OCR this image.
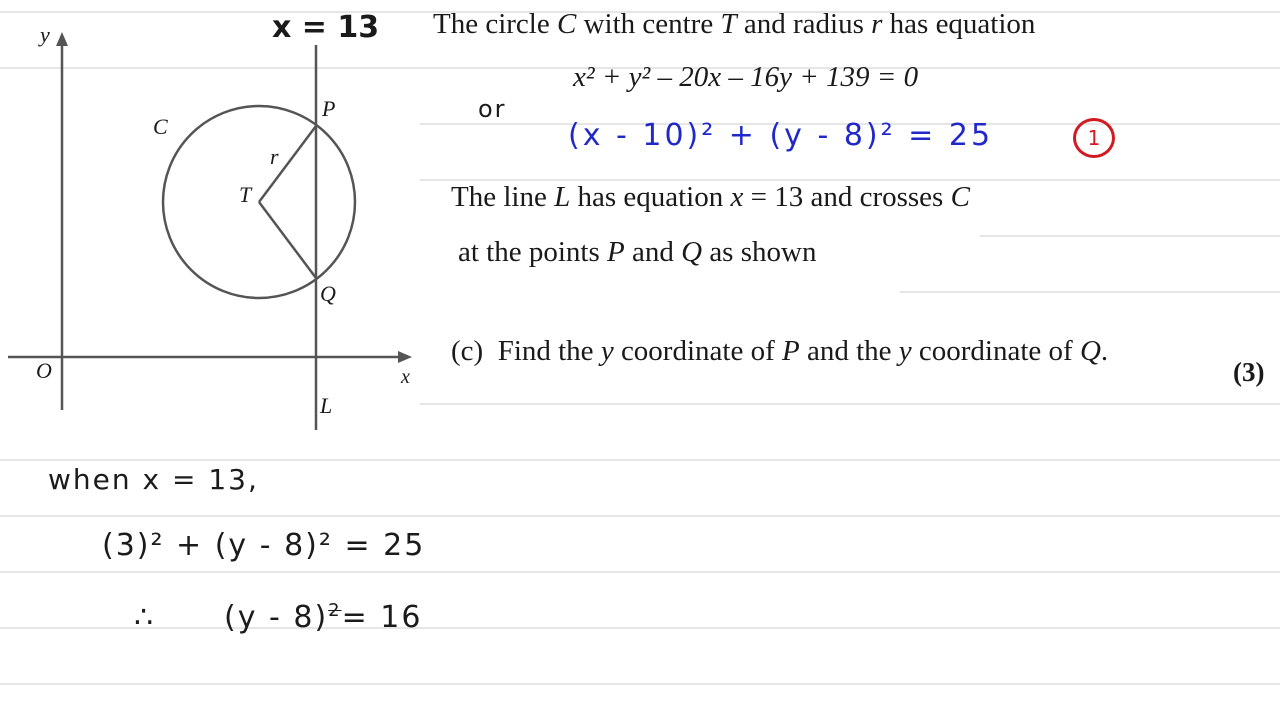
y
x
O
C
T
r
P
Q
L
x = 13 The circle C with centre T and radius r has equation
x² + y² – 20x – 16y + 139 = 0
or
(x - 10)² + (y - 8)² = 25	1
The line L has equation x = 13 and crosses C
at the points P and Q as shown
(c) Find the y coordinate of P and the y coordinate of Q.
(3)
when x = 13,
(3)² + (y - 8)² = 25
∴ (y - 8)$^2$= 16
